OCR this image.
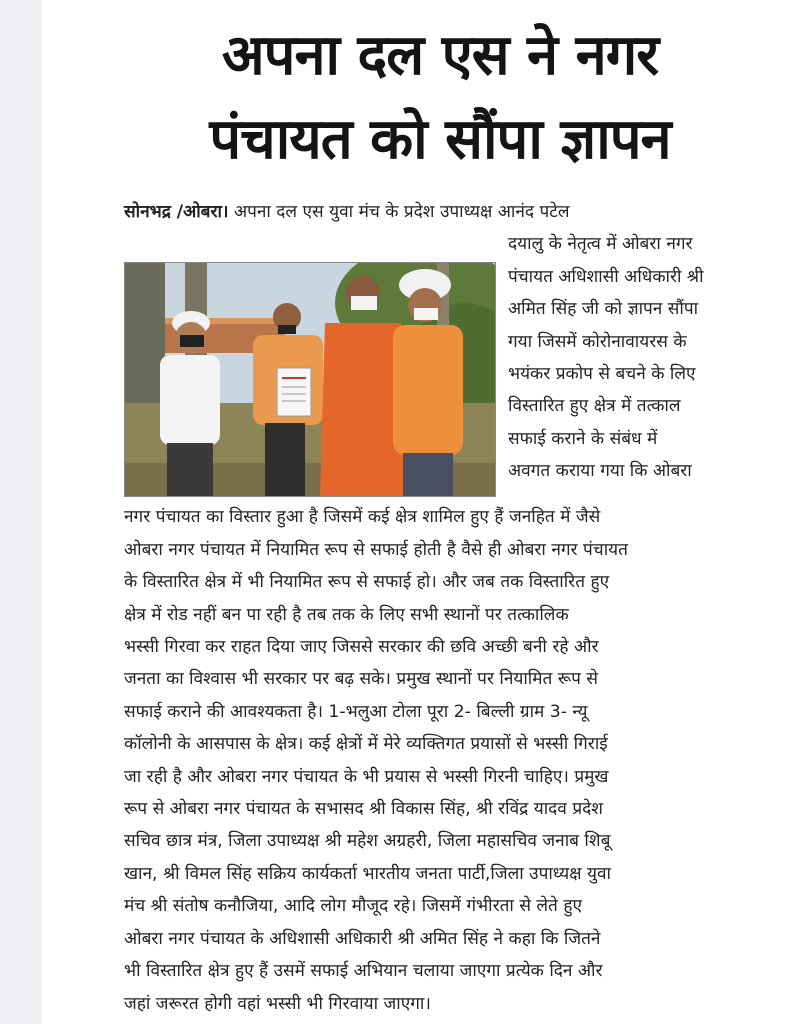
अपना दल एस ने नगर
पंचायत को सौंपा ज्ञापन
सोनभद्र /ओबरा। अपना दल एस युवा मंच के प्रदेश उपाध्यक्ष आनंद पटेल
दयालु के नेतृत्व में ओबरा नगर
पंचायत अधिशासी अधिकारी श्री
अमित सिंह जी को ज्ञापन सौंपा
गया जिसमें कोरोनावायरस के
भयंकर प्रकोप से बचने के लिए
विस्तारित हुए क्षेत्र में तत्काल
सफाई कराने के संबंध में
अवगत कराया गया कि ओबरा
नगर पंचायत का विस्तार हुआ है जिसमें कई क्षेत्र शामिल हुए हैं जनहित में जैसे
ओबरा नगर पंचायत में नियामित रूप से सफाई होती है वैसे ही ओबरा नगर पंचायत
के विस्तारित क्षेत्र में भी नियामित रूप से सफाई हो। और जब तक विस्तारित हुए
क्षेत्र में रोड नहीं बन पा रही है तब तक के लिए सभी स्थानों पर तत्कालिक
भस्सी गिरवा कर राहत दिया जाए जिससे सरकार की छवि अच्छी बनी रहे और
जनता का विश्वास भी सरकार पर बढ़ सके। प्रमुख स्थानों पर नियामित रूप से
सफाई कराने की आवश्यकता है। 1-भलुआ टोला पूरा 2- बिल्ली ग्राम 3- न्यू
कॉलोनी के आसपास के क्षेत्र। कई क्षेत्रों में मेरे व्यक्तिगत प्रयासों से भस्सी गिराई
जा रही है और ओबरा नगर पंचायत के भी प्रयास से भस्सी गिरनी चाहिए। प्रमुख
रूप से ओबरा नगर पंचायत के सभासद श्री विकास सिंह, श्री रविंद्र यादव प्रदेश
सचिव छात्र मंत्र, जिला उपाध्यक्ष श्री महेश अग्रहरी, जिला महासचिव जनाब शिबू
खान, श्री विमल सिंह सक्रिय कार्यकर्ता भारतीय जनता पार्टी,जिला उपाध्यक्ष युवा
मंच श्री संतोष कनौजिया, आदि लोग मौजूद रहे। जिसमें गंभीरता से लेते हुए
ओबरा नगर पंचायत के अधिशासी अधिकारी श्री अमित सिंह ने कहा कि जितने
भी विस्तारित क्षेत्र हुए हैं उसमें सफाई अभियान चलाया जाएगा प्रत्येक दिन और
जहां जरूरत होगी वहां भस्सी भी गिरवाया जाएगा।
